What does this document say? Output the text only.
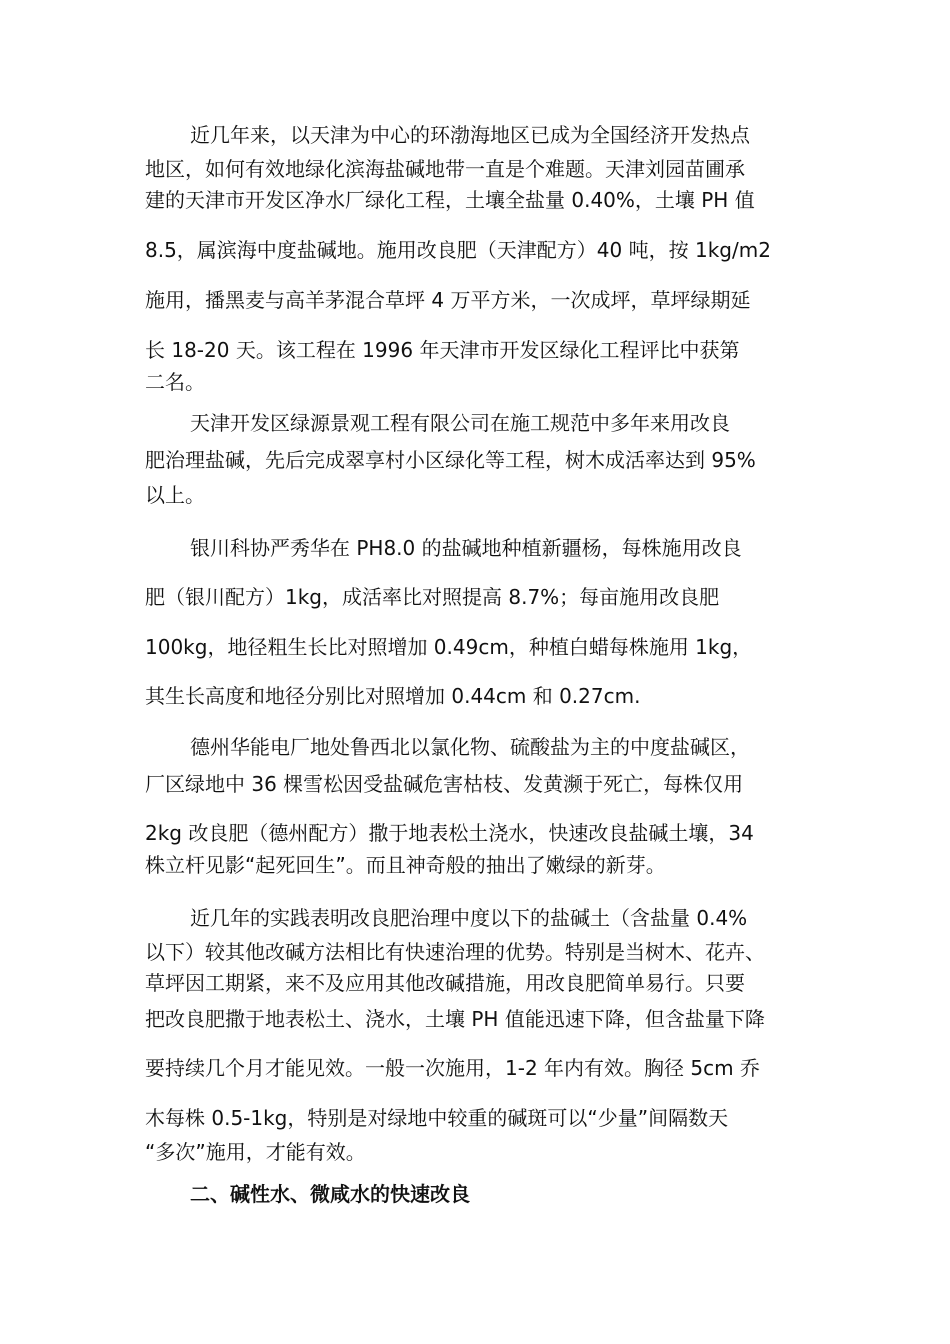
近几年来，以天津为中心的环渤海地区已成为全国经济开发热点
地区，如何有效地绿化滨海盐碱地带一直是个难题。天津刘园苗圃承
建的天津市开发区净水厂绿化工程，土壤全盐量 0.40%，土壤 PH 值
8.5，属滨海中度盐碱地。施用改良肥（天津配方）40 吨，按 1kg/m2
施用，播黑麦与高羊茅混合草坪 4 万平方米，一次成坪，草坪绿期延
长 18-20 天。该工程在 1996 年天津市开发区绿化工程评比中获第
二名。
天津开发区绿源景观工程有限公司在施工规范中多年来用改良
肥治理盐碱，先后完成翠享村小区绿化等工程，树木成活率达到 95%
以上。
银川科协严秀华在 PH8.0 的盐碱地种植新疆杨，每株施用改良
肥（银川配方）1kg，成活率比对照提高 8.7%；每亩施用改良肥
100kg，地径粗生长比对照增加 0.49cm，种植白蜡每株施用 1kg，
其生长高度和地径分别比对照增加 0.44cm 和 0.27cm.
德州华能电厂地处鲁西北以氯化物、硫酸盐为主的中度盐碱区，
厂区绿地中 36 棵雪松因受盐碱危害枯枝、发黄濒于死亡，每株仅用
2kg 改良肥（德州配方）撒于地表松土浇水，快速改良盐碱土壤，34
株立杆见影“起死回生”。而且神奇般的抽出了嫩绿的新芽。
近几年的实践表明改良肥治理中度以下的盐碱土（含盐量 0.4%
以下）较其他改碱方法相比有快速治理的优势。特别是当树木、花卉、
草坪因工期紧，来不及应用其他改碱措施，用改良肥简单易行。只要
把改良肥撒于地表松土、浇水，土壤 PH 值能迅速下降，但含盐量下降
要持续几个月才能见效。一般一次施用，1-2 年内有效。胸径 5cm 乔
木每株 0.5-1kg，特别是对绿地中较重的碱斑可以“少量”间隔数天
“多次”施用，才能有效。
二、碱性水、微咸水的快速改良
